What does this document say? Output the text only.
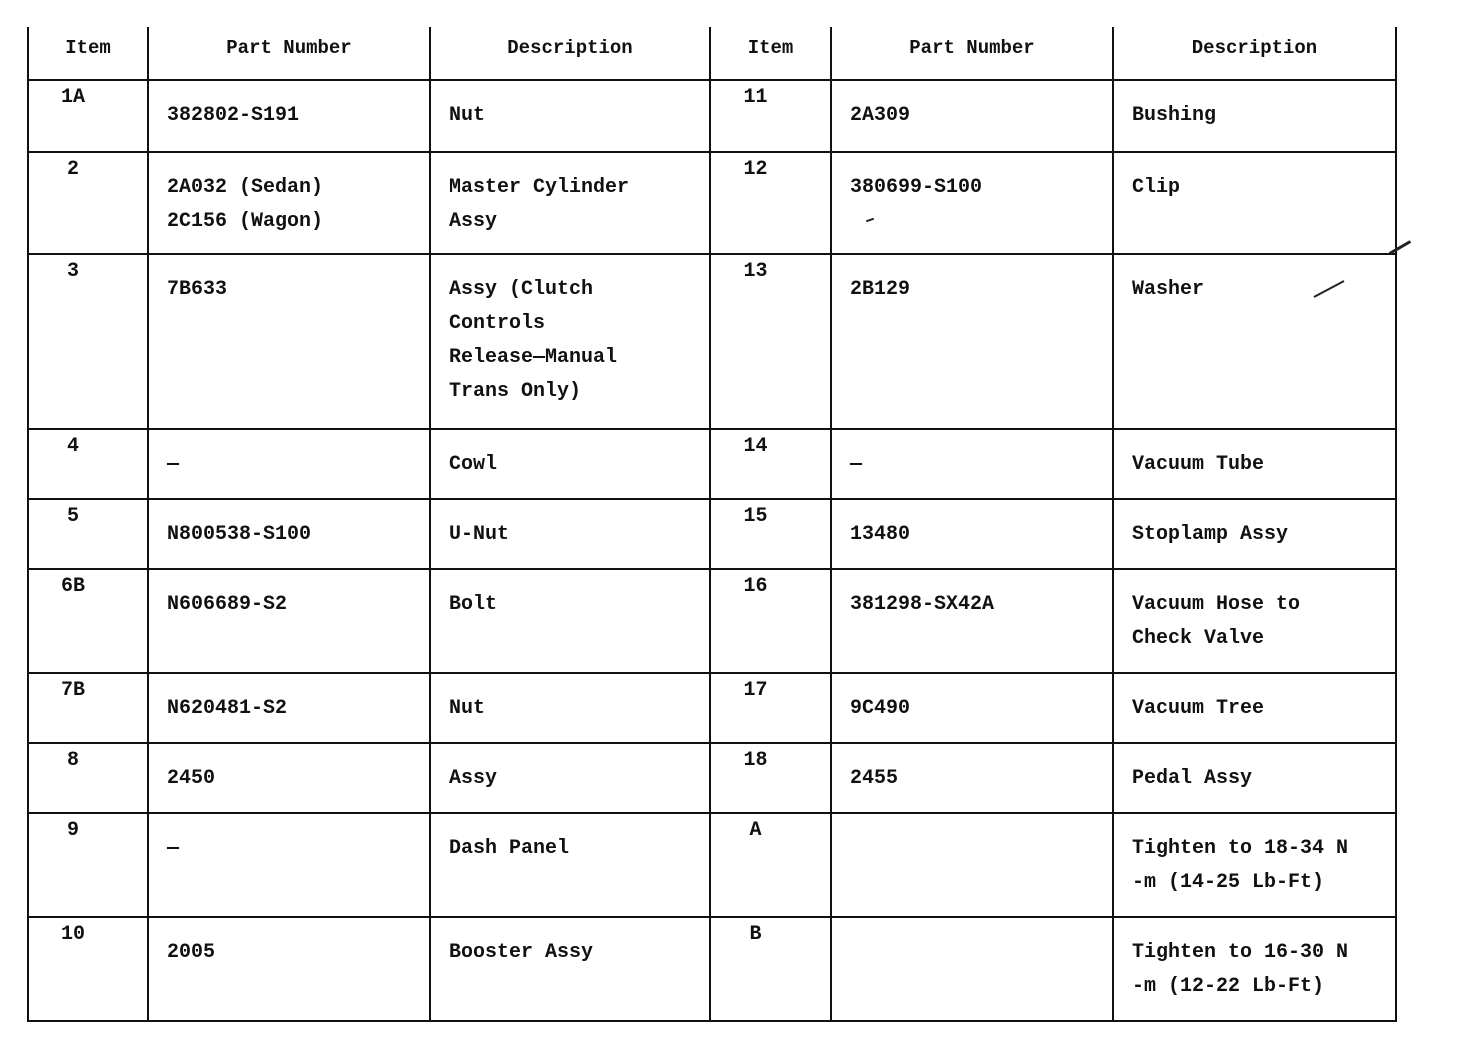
Item	Part Number	Description	Item	Part Number	Description
1A	382802-S191	Nut	11	2A309	Bushing
2	2A032 (Sedan)
2C156 (Wagon)	Master Cylinder
Assy	12	380699-S100	Clip
3	7B633	Assy (Clutch
Controls
Release—Manual
Trans Only)	13	2B129	Washer
4	—	Cowl	14	—	Vacuum Tube
5	N800538-S100	U-Nut	15	13480	Stoplamp Assy
6B	N606689-S2	Bolt	16	381298-SX42A	Vacuum Hose to
Check Valve
7B	N620481-S2	Nut	17	9C490	Vacuum Tree
8	2450	Assy	18	2455	Pedal Assy
9	—	Dash Panel	A		Tighten to 18-34 N
-m (14-25 Lb-Ft)
10	2005	Booster Assy	B		Tighten to 16-30 N
-m (12-22 Lb-Ft)
